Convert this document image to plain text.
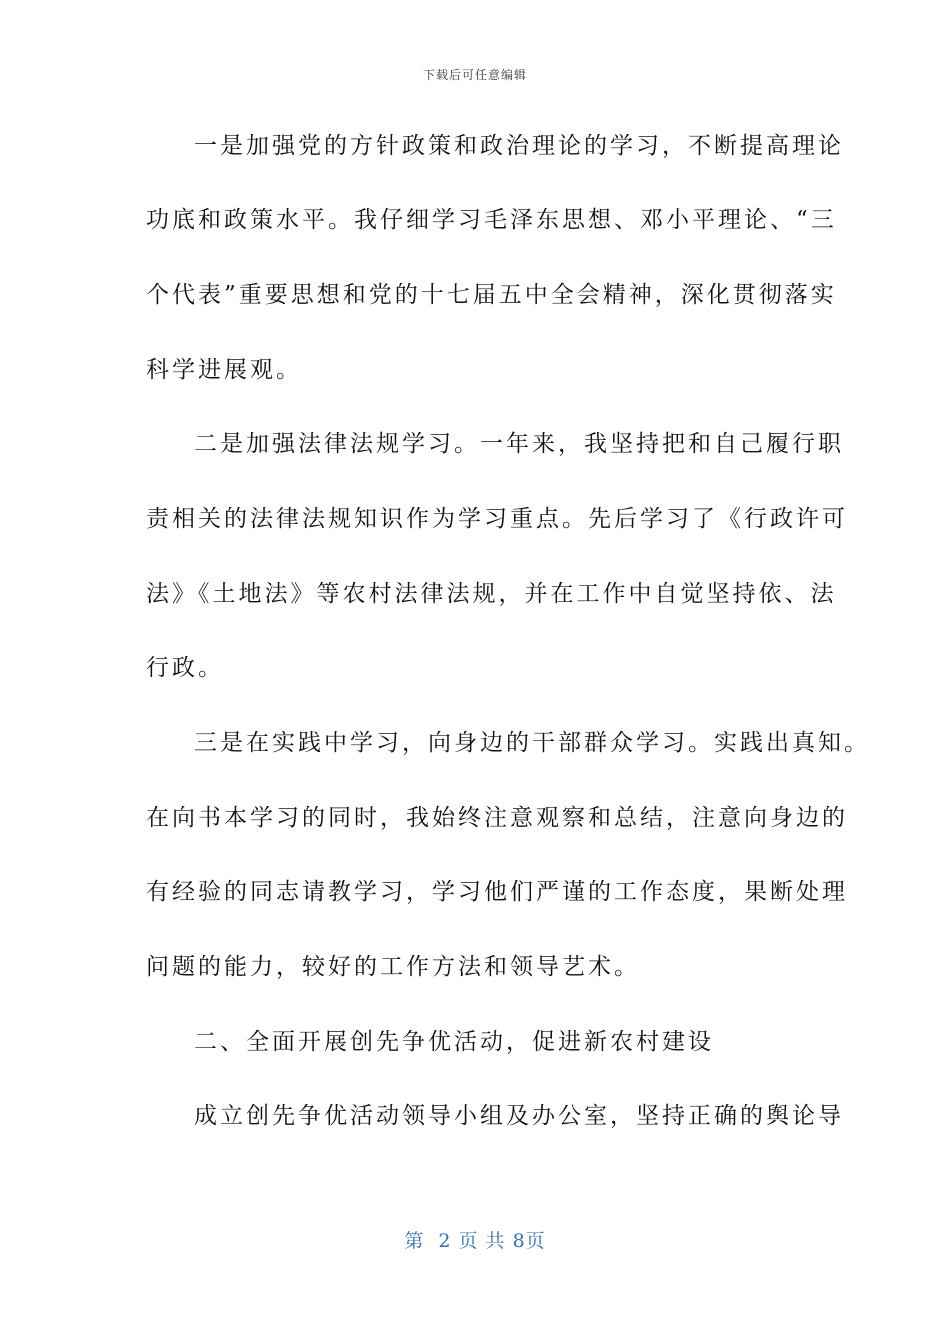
下载后可任意编辑
一是加强党的方针政策和政治理论的学习，不断提高理论
功底和政策水平。我仔细学习毛泽东思想、邓小平理论、“三
个代表”重要思想和党的十七届五中全会精神，深化贯彻落实
科学进展观。
二是加强法律法规学习。一年来，我坚持把和自己履行职
责相关的法律法规知识作为学习重点。先后学习了《行政许可
法》《土地法》等农村法律法规，并在工作中自觉坚持依、法
行政。
三是在实践中学习，向身边的干部群众学习。实践出真知。
在向书本学习的同时，我始终注意观察和总结，注意向身边的
有经验的同志请教学习，学习他们严谨的工作态度，果断处理
问题的能力，较好的工作方法和领导艺术。
二、全面开展创先争优活动，促进新农村建设
成立创先争优活动领导小组及办公室，坚持正确的舆论导
第  2 页 共 8页
